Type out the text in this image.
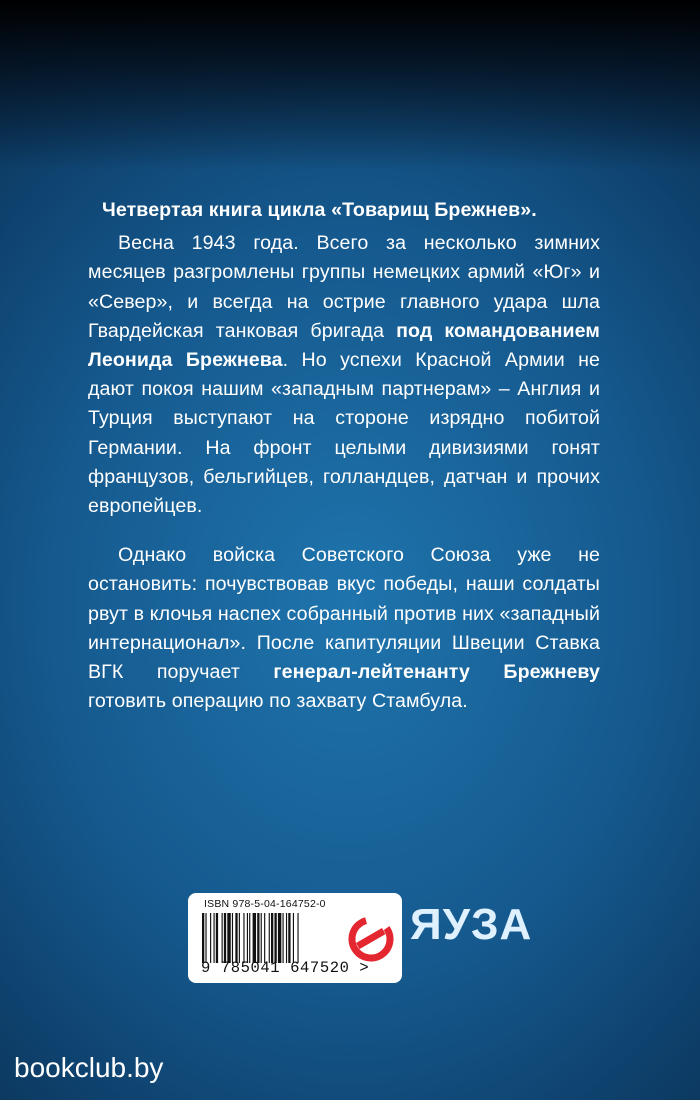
Четвертая книга цикла «Товарищ Брежнев».

Весна 1943 года. Всего за несколько зимних месяцев разгромлены группы немецких армий «Юг» и «Север», и всегда на острие главного удара шла Гвардейская танковая бригада под командованием Леонида Брежнева. Но успехи Красной Армии не дают покоя нашим «западным партнерам» – Англия и Турция выступают на стороне изрядно побитой Германии. На фронт целыми дивизиями гонят французов, бельгийцев, голландцев, датчан и прочих европейцев.

Однако войска Советского Союза уже не остановить: почувствовав вкус победы, наши солдаты рвут в клочья наспех собранный против них «западный интернационал». После капитуляции Швеции Ставка ВГК поручает генерал-лейтенанту Брежневу готовить операцию по захвату Стамбула.

ISBN 978-5-04-164752-0
9 785041 647520 >
ЯУЗА
bookclub.by
